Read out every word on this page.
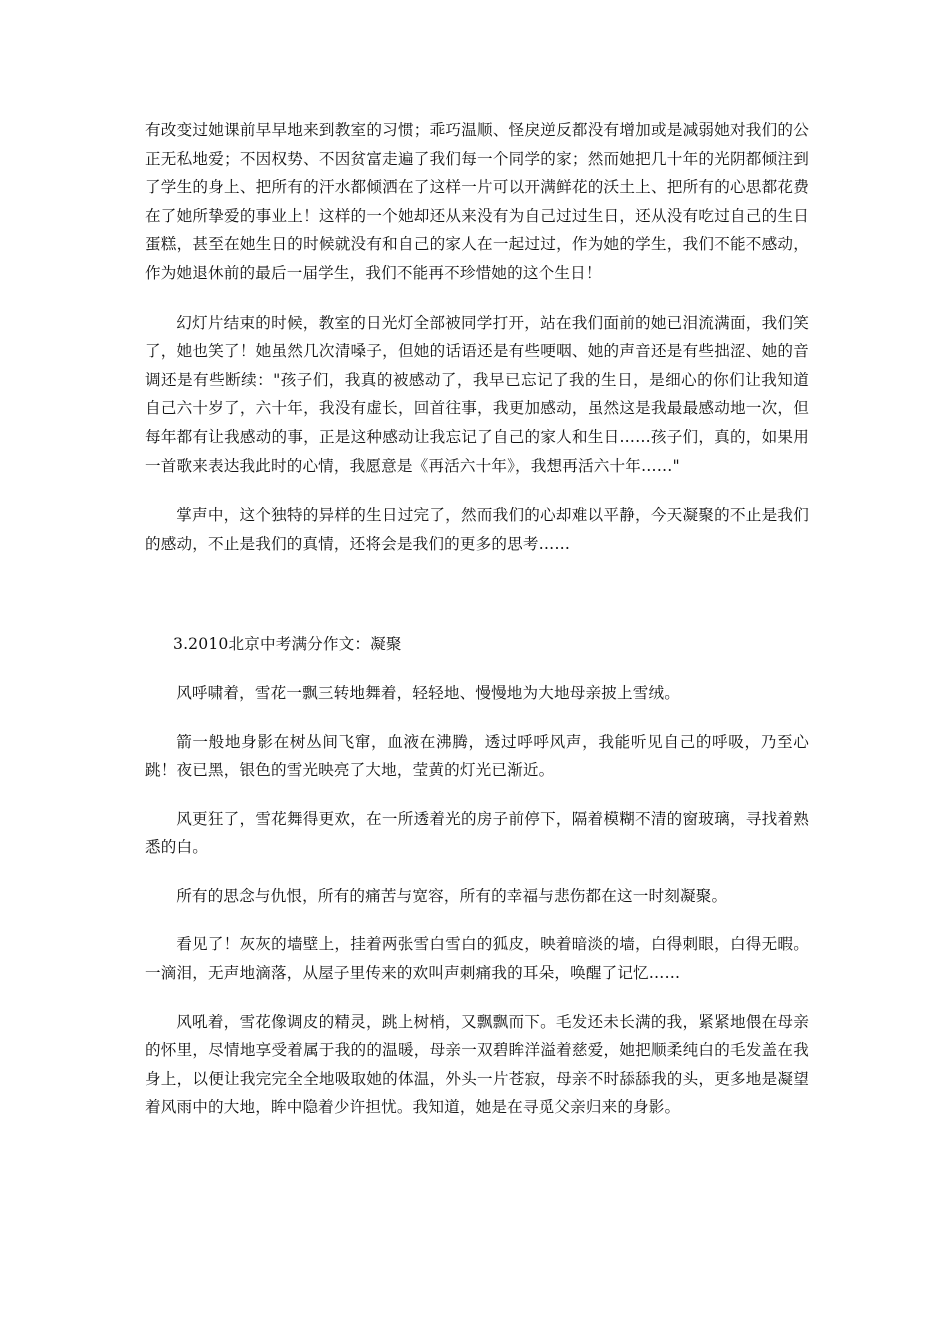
有改变过她课前早早地来到教室的习惯；乖巧温顺、怪戾逆反都没有增加或是减弱她对我们的公正无私地爱；不因权势、不因贫富走遍了我们每一个同学的家；然而她把几十年的光阴都倾注到了学生的身上、把所有的汗水都倾洒在了这样一片可以开满鲜花的沃土上、把所有的心思都花费在了她所挚爱的事业上！这样的一个她却还从来没有为自己过过生日，还从没有吃过自己的生日蛋糕，甚至在她生日的时候就没有和自己的家人在一起过过，作为她的学生，我们不能不感动，作为她退休前的最后一届学生，我们不能再不珍惜她的这个生日！

幻灯片结束的时候，教室的日光灯全部被同学打开，站在我们面前的她已泪流满面，我们笑了，她也笑了！她虽然几次清嗓子，但她的话语还是有些哽咽、她的声音还是有些拙涩、她的音调还是有些断续："孩子们，我真的被感动了，我早已忘记了我的生日，是细心的你们让我知道自己六十岁了，六十年，我没有虚长，回首往事，我更加感动，虽然这是我最最感动地一次，但每年都有让我感动的事，正是这种感动让我忘记了自己的家人和生日……孩子们，真的，如果用一首歌来表达我此时的心情，我愿意是《再活六十年》，我想再活六十年……"

掌声中，这个独特的异样的生日过完了，然而我们的心却难以平静，今天凝聚的不止是我们的感动，不止是我们的真情，还将会是我们的更多的思考……

3.2010北京中考满分作文：凝聚

风呼啸着，雪花一飘三转地舞着，轻轻地、慢慢地为大地母亲披上雪绒。

箭一般地身影在树丛间飞窜，血液在沸腾，透过呼呼风声，我能听见自己的呼吸，乃至心跳！夜已黑，银色的雪光映亮了大地，莹黄的灯光已渐近。

风更狂了，雪花舞得更欢，在一所透着光的房子前停下，隔着模糊不清的窗玻璃，寻找着熟悉的白。

所有的思念与仇恨，所有的痛苦与宽容，所有的幸福与悲伤都在这一时刻凝聚。

看见了！灰灰的墙壁上，挂着两张雪白雪白的狐皮，映着暗淡的墙，白得刺眼，白得无暇。一滴泪，无声地滴落，从屋子里传来的欢叫声刺痛我的耳朵，唤醒了记忆……

风吼着，雪花像调皮的精灵，跳上树梢，又飘飘而下。毛发还未长满的我，紧紧地偎在母亲的怀里，尽情地享受着属于我的的温暖，母亲一双碧眸洋溢着慈爱，她把顺柔纯白的毛发盖在我身上，以便让我完完全全地吸取她的体温，外头一片苍寂，母亲不时舔舔我的头，更多地是凝望着风雨中的大地，眸中隐着少许担忧。我知道，她是在寻觅父亲归来的身影。
